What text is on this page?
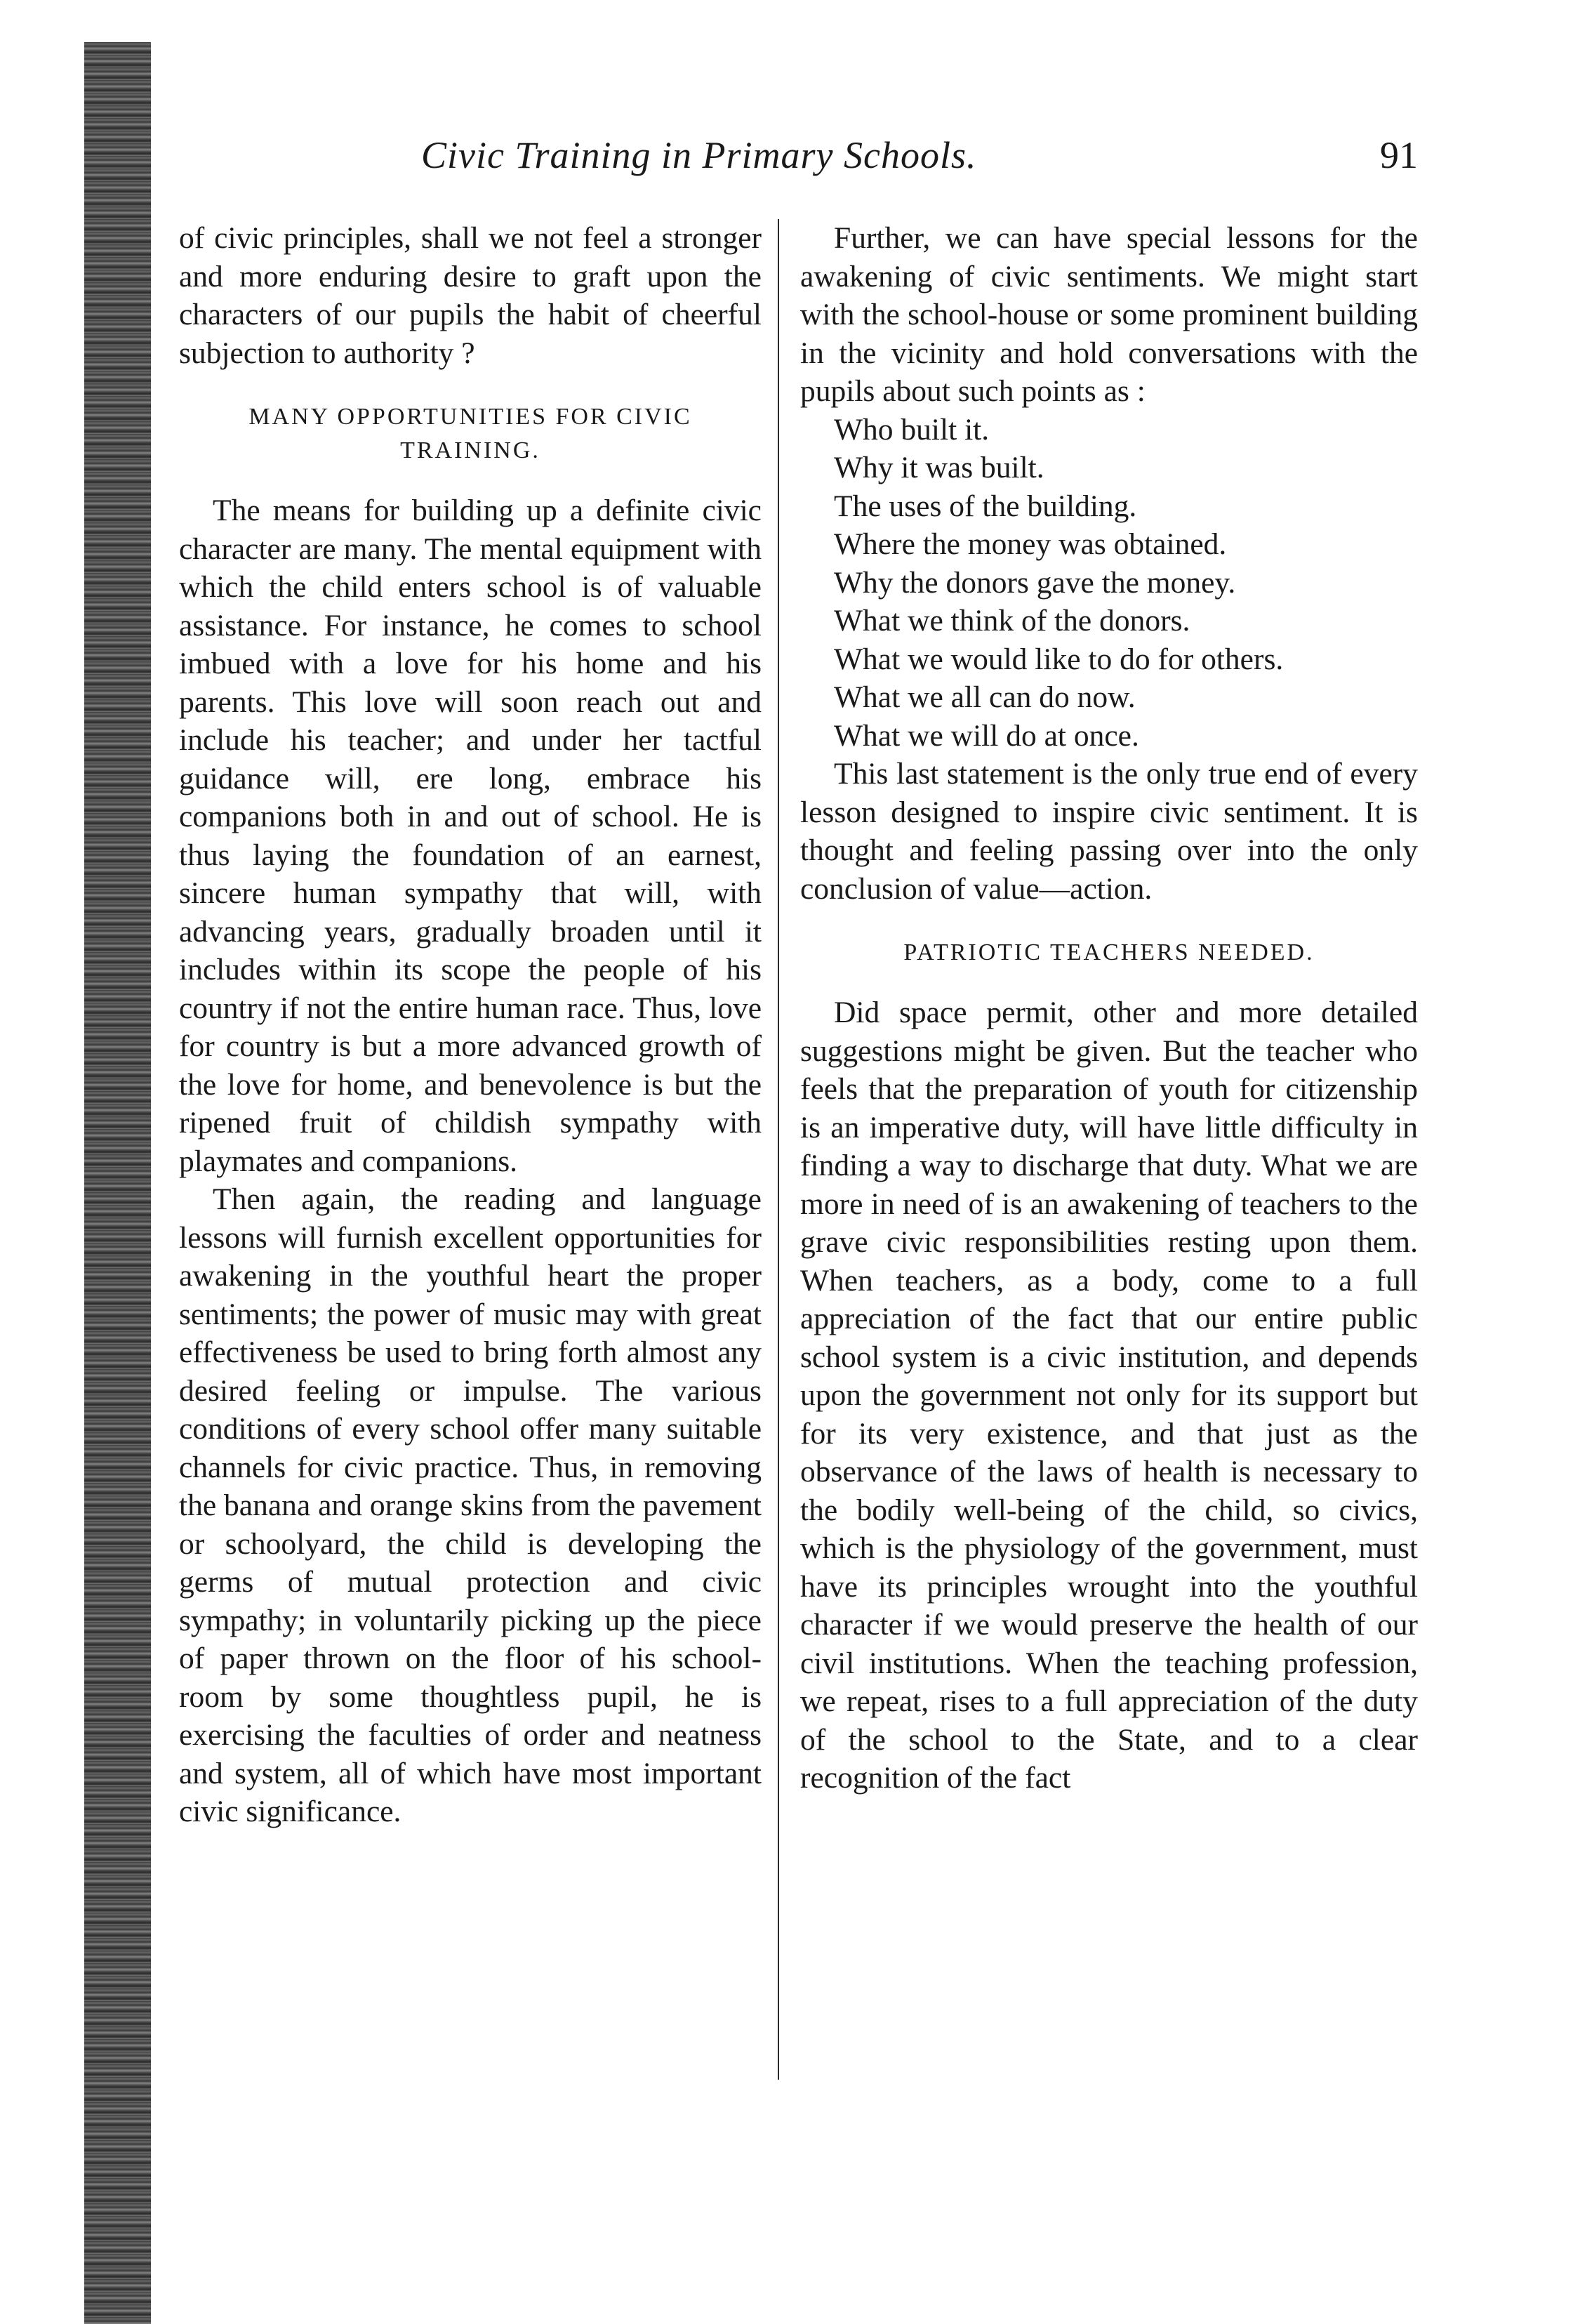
Civic Training in Primary Schools.	91

of civic principles, shall we not feel a stronger and more enduring desire to graft upon the characters of our pupils the habit of cheerful subjection to authority ?

MANY OPPORTUNITIES FOR CIVIC TRAINING.

The means for building up a definite civic character are many. The mental equipment with which the child enters school is of valuable assistance. For instance, he comes to school imbued with a love for his home and his parents. This love will soon reach out and include his teacher; and under her tactful guidance will, ere long, embrace his companions both in and out of school. He is thus laying the foundation of an earnest, sincere human sympathy that will, with advancing years, gradually broaden until it includes within its scope the people of his country if not the entire human race. Thus, love for country is but a more advanced growth of the love for home, and benevolence is but the ripened fruit of childish sympathy with playmates and companions.

Then again, the reading and language lessons will furnish excellent opportunities for awakening in the youthful heart the proper sentiments; the power of music may with great effectiveness be used to bring forth almost any desired feeling or impulse. The various conditions of every school offer many suitable channels for civic practice. Thus, in removing the banana and orange skins from the pavement or schoolyard, the child is developing the germs of mutual protection and civic sympathy; in voluntarily picking up the piece of paper thrown on the floor of his school-room by some thoughtless pupil, he is exercising the faculties of order and neatness and system, all of which have most important civic significance.

Further, we can have special lessons for the awakening of civic sentiments. We might start with the school-house or some prominent building in the vicinity and hold conversations with the pupils about such points as :

Who built it.
Why it was built.
The uses of the building.
Where the money was obtained.
Why the donors gave the money.
What we think of the donors.
What we would like to do for others.
What we all can do now.
What we will do at once.

This last statement is the only true end of every lesson designed to inspire civic sentiment. It is thought and feeling passing over into the only conclusion of value—action.

PATRIOTIC TEACHERS NEEDED.

Did space permit, other and more detailed suggestions might be given. But the teacher who feels that the preparation of youth for citizenship is an imperative duty, will have little difficulty in finding a way to discharge that duty. What we are more in need of is an awakening of teachers to the grave civic responsibilities resting upon them. When teachers, as a body, come to a full appreciation of the fact that our entire public school system is a civic institution, and depends upon the government not only for its support but for its very existence, and that just as the observance of the laws of health is necessary to the bodily well-being of the child, so civics, which is the physiology of the government, must have its principles wrought into the youthful character if we would preserve the health of our civil institutions. When the teaching profession, we repeat, rises to a full appreciation of the duty of the school to the State, and to a clear recognition of the fact
